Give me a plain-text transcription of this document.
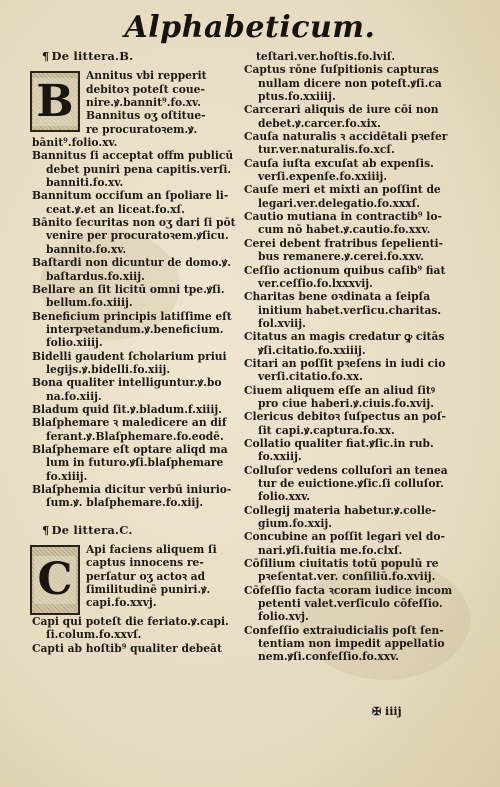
Alphabeticum.
¶ De littera.B.
B Annitus vbi repperit
debitoꝛ poteſt coue-
nire.ꝟ.bannit⁹.fo.xv.
Bannitus oʒ oſtitue-
re procuratoꝛem.ꝟ.
bānit⁹.folio.xv.
Bannitus ſi acceptat offm publicū
debet puniri pena capitis.verſi.
banniti.fo.xv.
Bannitum occiſum an ſpoliare li-
ceat.ꝟ.et an liceat.fo.xſ.
Bānito ſecuritas non oʒ dari ſi pōt
venire per procuratoꝛem.ꝟſicu.
bannito.fo.xv.
Baſtardi non dicuntur de domo.ꝟ.
baſtardus.fo.xiij.
Bellare an ſit licitū omni tpe.ꝟſi.
bellum.fo.xiiij.
Beneficium principis latiſſime eſt
interpꝛetandum.ꝟ.beneficium.
folio.xiiij.
Bidelli gaudent ſcholarium priui
legijs.ꝟ.bidelli.fo.xiij.
Bona qualiter intelliguntur.ꝟ.bo
na.fo.xiij.
Bladum quid ſit.ꝟ.bladum.f.xiiij.
Blaſphemare ꝛ maledicere an dif
ferant.ꝟ.Blaſphemare.fo.eodē.
Blaſphemare eſt optare aliqd ma
lum in futuro.ꝟſi.blaſphemare
fo.xiiij.
Blaſphemia dicitur verbū iniurio-
ſum.ꝟ. blaſphemare.fo.xiij.
¶ De littera.C.
C
Api faciens aliquem ſi
captus innocens re-
perſatur oʒ actoꝛ ad
ſimilitudinē puniri.ꝟ.
capi.fo.xxvj.
Capi qui poteſt die feriato.ꝟ.capi.
ſi.colum.fo.xxvſ.
Capti ab hoſtib⁹ qualiter debeāt
teſtari.ver.hoſtis.fo.lviſ.
Captus rōne ſuſpitionis capturas
nullam dicere non poteſt.ꝟſi.ca
ptus.fo.xxiiij.
Carcerari aliquis de iure cōi non
debet.ꝟ.carcer.fo.xix.
Cauſa naturalis ꝛ accidētali pꝛefer
tur.ver.naturalis.fo.xcſ.
Cauſa iuſta excuſat ab expenſis.
verſi.expenſe.fo.xxiiij.
Cauſe meri et mixti an poſſint de
legari.ver.delegatio.fo.xxxſ.
Cautio mutiana in contractib⁹ lo-
cum nō habet.ꝟ.cautio.fo.xxv.
Cerei debent fratribus ſepelienti-
bus remanere.ꝟ.cerei.fo.xxv.
Ceſſio actionum quibus caſib⁹ fiat
ver.ceſſio.fo.lxxxvij.
Charitas bene oꝛdinata a ſeipſa
initium habet.verſicu.charitas.
fol.xviij.
Citatus an magis credatur ꝙ citās
ꝟſi.citatio.fo.xxiiij.
Citari an poſſit pꝛeſens in iudi cio
verſi.citatio.fo.xx.
Ciuem aliquem eſſe an aliud ſitꝰ
pro ciue haberi.ꝟ.ciuis.fo.xvij.
Clericus debitoꝛ ſuſpectus an poſ-
ſit capi.ꝟ.captura.fo.xx.
Collatio qualiter fiat.ꝟſic.in rub.
fo.xxiij.
Colluſor vedens colluſori an tenea
tur de euictione.ꝟſic.ſi colluſor.
folio.xxv.
Collegij materia habetur.ꝟ.colle-
gium.fo.xxij.
Concubine an poſſit legari vel do-
nari.ꝟſi.fuitia me.fo.clxſ.
Cōſilium ciuitatis totū populū re
pꝛeſentat.ver. conſiliū.fo.xviij.
Cōfeſſio facta ꝛcoram iudice incom
petenti valet.verſiculo cōfeſſio.
folio.xvj.
Confeſſio extraiudicialis poſt ſen-
tentiam non impedit appellatio
nem.ꝟſi.confeſſio.fo.xxv.
✠ iiij
